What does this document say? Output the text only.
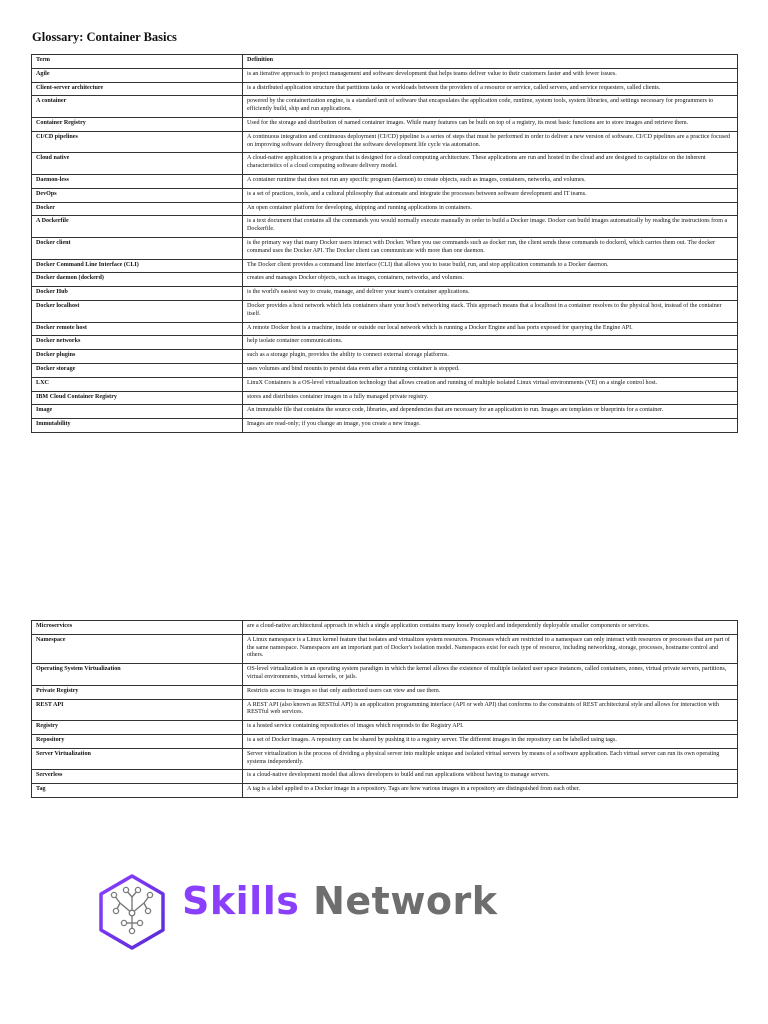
Glossary: Container Basics
Term	Definition
Agile	is an iterative approach to project management and software development that helps teams deliver value to their customers faster and with fewer issues.
Client-server architecture	is a distributed application structure that partitions tasks or workloads between the providers of a resource or service, called servers, and service requesters, called clients.
A container	powered by the containerization engine, is a standard unit of software that encapsulates the application code, runtime, system tools, system libraries, and settings necessary for programmers to efficiently build, ship and run applications.
Container Registry	Used for the storage and distribution of named container images. While many features can be built on top of a registry, its most basic functions are to store images and retrieve them.
CI/CD pipelines	A continuous integration and continuous deployment (CI/CD) pipeline is a series of steps that must be performed in order to deliver a new version of software. CI/CD pipelines are a practice focused on improving software delivery throughout the software development life cycle via automation.
Cloud native	A cloud-native application is a program that is designed for a cloud computing architecture. These applications are run and hosted in the cloud and are designed to capitalize on the inherent characteristics of a cloud computing software delivery model.
Daemon-less	A container runtime that does not run any specific program (daemon) to create objects, such as images, containers, networks, and volumes.
DevOps	is a set of practices, tools, and a cultural philosophy that automate and integrate the processes between software development and IT teams.
Docker	An open container platform for developing, shipping and running applications in containers.
A Dockerfile	is a text document that contains all the commands you would normally execute manually in order to build a Docker image. Docker can build images automatically by reading the instructions from a Dockerfile.
Docker client	is the primary way that many Docker users interact with Docker. When you use commands such as docker run, the client sends these commands to dockerd, which carries them out. The docker command uses the Docker API. The Docker client can communicate with more than one daemon.
Docker Command Line Interface (CLI)	The Docker client provides a command line interface (CLI) that allows you to issue build, run, and stop application commands to a Docker daemon.
Docker daemon (dockerd)	creates and manages Docker objects, such as images, containers, networks, and volumes.
Docker Hub	is the world's easiest way to create, manage, and deliver your team's container applications.
Docker localhost	Docker provides a host network which lets containers share your host's networking stack. This approach means that a localhost in a container resolves to the physical host, instead of the container itself.
Docker remote host	A remote Docker host is a machine, inside or outside our local network which is running a Docker Engine and has ports exposed for querying the Engine API.
Docker networks	help isolate container communications.
Docker plugins	such as a storage plugin, provides the ability to connect external storage platforms.
Docker storage	uses volumes and bind mounts to persist data even after a running container is stopped.
LXC	LinuX Containers is a OS-level virtualization technology that allows creation and running of multiple isolated Linux virtual environments (VE) on a single control host.
IBM Cloud Container Registry	stores and distributes container images in a fully managed private registry.
Image	An immutable file that contains the source code, libraries, and dependencies that are necessary for an application to run. Images are templates or blueprints for a container.
Immutability	Images are read-only; if you change an image, you create a new image.
Microservices	are a cloud-native architectural approach in which a single application contains many loosely coupled and independently deployable smaller components or services.
Namespace	A Linux namespace is a Linux kernel feature that isolates and virtualizes system resources. Processes which are restricted to a namespace can only interact with resources or processes that are part of the same namespace. Namespaces are an important part of Docker's isolation model. Namespaces exist for each type of resource, including networking, storage, processes, hostname control and others.
Operating System Virtualization	OS-level virtualization is an operating system paradigm in which the kernel allows the existence of multiple isolated user space instances, called containers, zones, virtual private servers, partitions, virtual environments, virtual kernels, or jails.
Private Registry	Restricts access to images so that only authorized users can view and use them.
REST API	A REST API (also known as RESTful API) is an application programming interface (API or web API) that conforms to the constraints of REST architectural style and allows for interaction with RESTful web services.
Registry	is a hosted service containing repositories of images which responds to the Registry API.
Repository	is a set of Docker images. A repository can be shared by pushing it to a registry server. The different images in the repository can be labelled using tags.
Server Virtualization	Server virtualization is the process of dividing a physical server into multiple unique and isolated virtual servers by means of a software application. Each virtual server can run its own operating systems independently.
Serverless	is a cloud-native development model that allows developers to build and run applications without having to manage servers.
Tag	A tag is a label applied to a Docker image in a repository. Tags are how various images in a repository are distinguished from each other.
Skills Network
